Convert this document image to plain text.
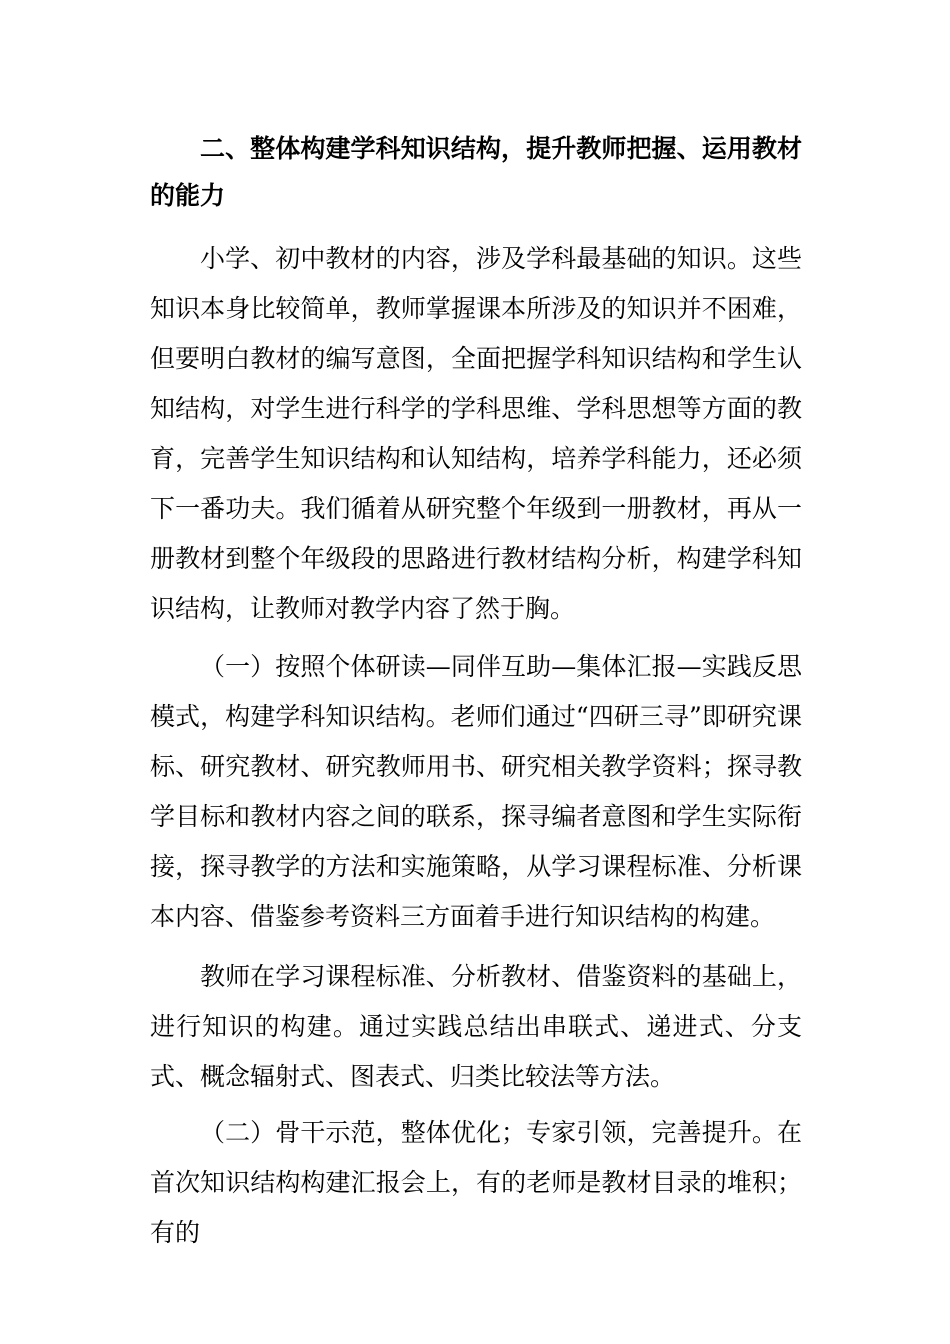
二、整体构建学科知识结构，提升教师把握、运用教材的能力

小学、初中教材的内容，涉及学科最基础的知识。这些知识本身比较简单，教师掌握课本所涉及的知识并不困难，但要明白教材的编写意图，全面把握学科知识结构和学生认知结构，对学生进行科学的学科思维、学科思想等方面的教育，完善学生知识结构和认知结构，培养学科能力，还必须下一番功夫。我们循着从研究整个年级到一册教材，再从一册教材到整个年级段的思路进行教材结构分析，构建学科知识结构，让教师对教学内容了然于胸。

（一）按照个体研读—同伴互助—集体汇报—实践反思模式，构建学科知识结构。老师们通过“四研三寻”即研究课标、研究教材、研究教师用书、研究相关教学资料；探寻教学目标和教材内容之间的联系，探寻编者意图和学生实际衔接，探寻教学的方法和实施策略，从学习课程标准、分析课本内容、借鉴参考资料三方面着手进行知识结构的构建。

教师在学习课程标准、分析教材、借鉴资料的基础上，进行知识的构建。通过实践总结出串联式、递进式、分支式、概念辐射式、图表式、归类比较法等方法。

（二）骨干示范，整体优化；专家引领，完善提升。在首次知识结构构建汇报会上，有的老师是教材目录的堆积；有的
